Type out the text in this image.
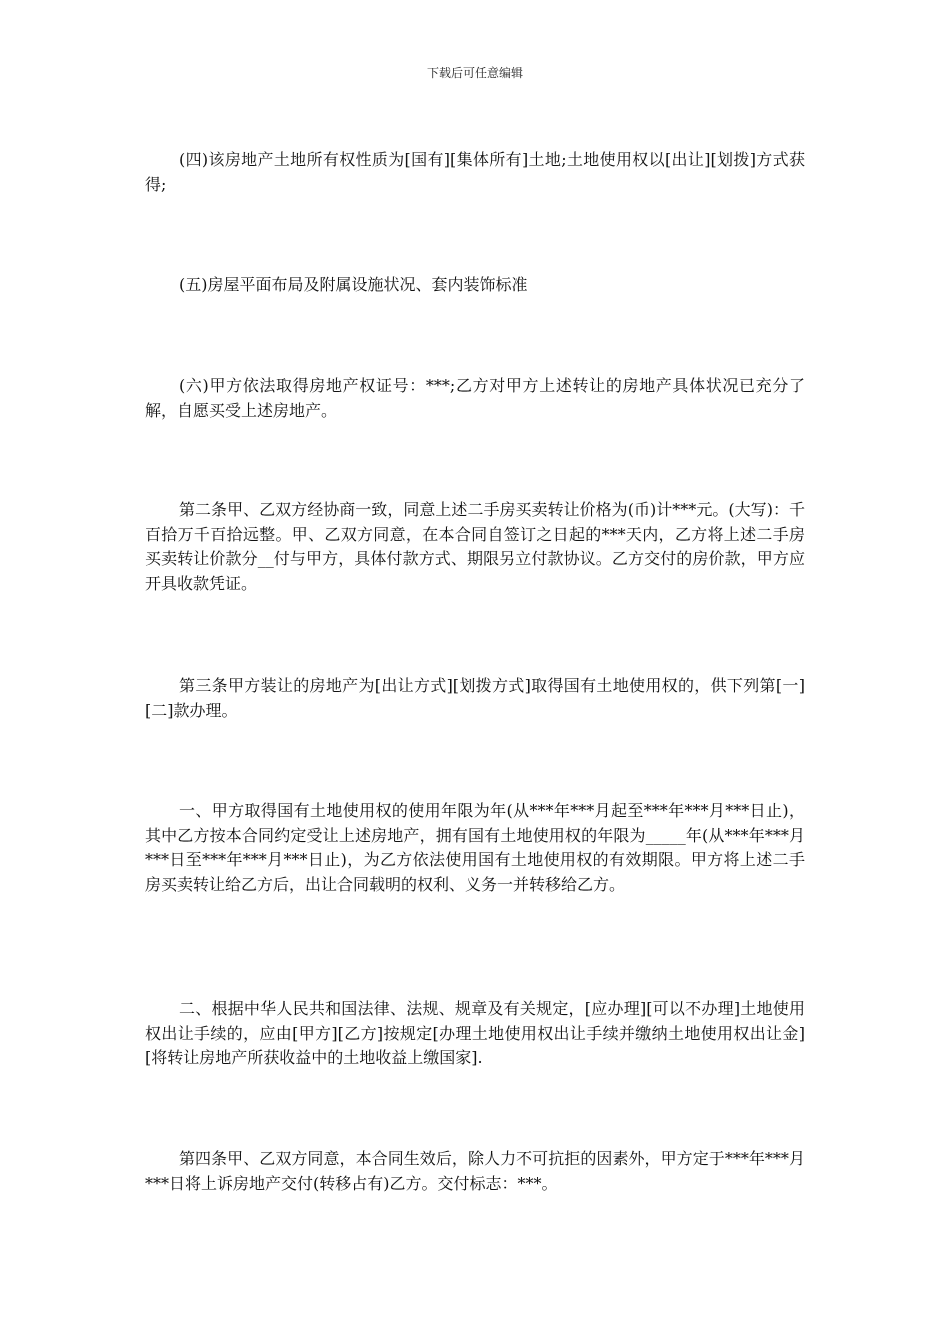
下载后可任意编辑

(四)该房地产土地所有权性质为[国有][集体所有]土地;土地使用权以[出让][划拨]方式获得;

(五)房屋平面布局及附属设施状况、套内装饰标准

(六)甲方依法取得房地产权证号：***;乙方对甲方上述转让的房地产具体状况已充分了解，自愿买受上述房地产。

第二条甲、乙双方经协商一致，同意上述二手房买卖转让价格为(币)计***元。(大写)：千百拾万千百拾远整。甲、乙双方同意，在本合同自签订之日起的***天内，乙方将上述二手房买卖转让价款分__付与甲方，具体付款方式、期限另立付款协议。乙方交付的房价款，甲方应开具收款凭证。

第三条甲方装让的房地产为[出让方式][划拨方式]取得国有土地使用权的，供下列第[一][二]款办理。

一、甲方取得国有土地使用权的使用年限为年(从***年***月起至***年***月***日止)，其中乙方按本合同约定受让上述房地产，拥有国有土地使用权的年限为_____年(从***年***月***日至***年***月***日止)，为乙方依法使用国有土地使用权的有效期限。甲方将上述二手房买卖转让给乙方后，出让合同载明的权利、义务一并转移给乙方。

二、根据中华人民共和国法律、法规、规章及有关规定，[应办理][可以不办理]土地使用权出让手续的，应由[甲方][乙方]按规定[办理土地使用权出让手续并缴纳土地使用权出让金][将转让房地产所获收益中的土地收益上缴国家].

第四条甲、乙双方同意，本合同生效后，除人力不可抗拒的因素外，甲方定于***年***月***日将上诉房地产交付(转移占有)乙方。交付标志：***。
